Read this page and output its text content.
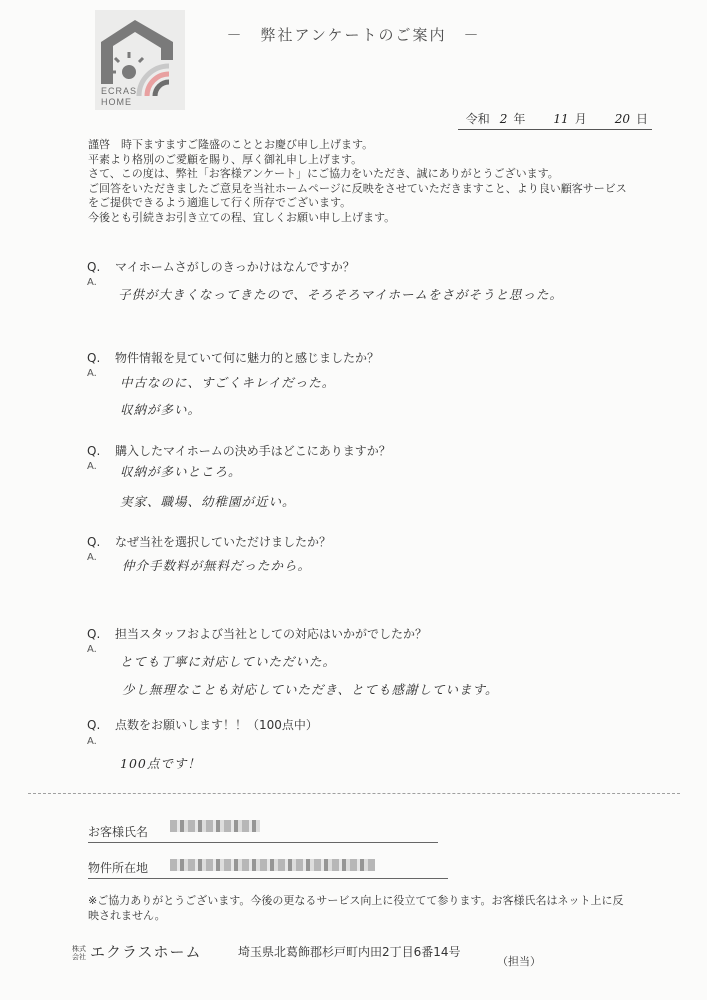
ECRAS
HOME
－　弊社アンケートのご案内　－
令和 2 年 11 月 20 日
謹啓　時下ますますご隆盛のこととお慶び申し上げます。
平素より格別のご愛顧を賜り、厚く御礼申し上げます。
さて、この度は、弊社「お客様アンケート」にご協力をいただき、誠にありがとうございます。
ご回答をいただきましたご意見を当社ホームページに反映をさせていただきますこと、より良い顧客サービス
をご提供できるよう適進して行く所存でございます。
今後とも引続きお引き立ての程、宜しくお願い申し上げます。
Q. マイホームさがしのきっかけはなんですか？
A.
子供が大きくなってきたので、そろそろマイホームをさがそうと思った。
Q. 物件情報を見ていて何に魅力的と感じましたか？
A.
中古なのに、すごくキレイだった。
収納が多い。
Q. 購入したマイホームの決め手はどこにありますか？
A. 収納が多いところ。
実家、職場、幼稚園が近い。
Q. なぜ当社を選択していただけましたか？
A.
仲介手数料が無料だったから。
Q. 担当スタッフおよび当社としての対応はいかがでしたか？
A.
とても丁寧に対応していただいた。
少し無理なことも対応していただき、とても感謝しています。
Q. 点数をお願いします！！（100点中）
A.
100点です！
お客様氏名
物件所在地
※ご協力ありがとうございます。今後の更なるサービス向上に役立てて参ります。お客様氏名はネット上に反映されません。
株式
会社 エクラスホーム	埼玉県北葛飾郡杉戸町内田2丁目6番14号
（担当）
